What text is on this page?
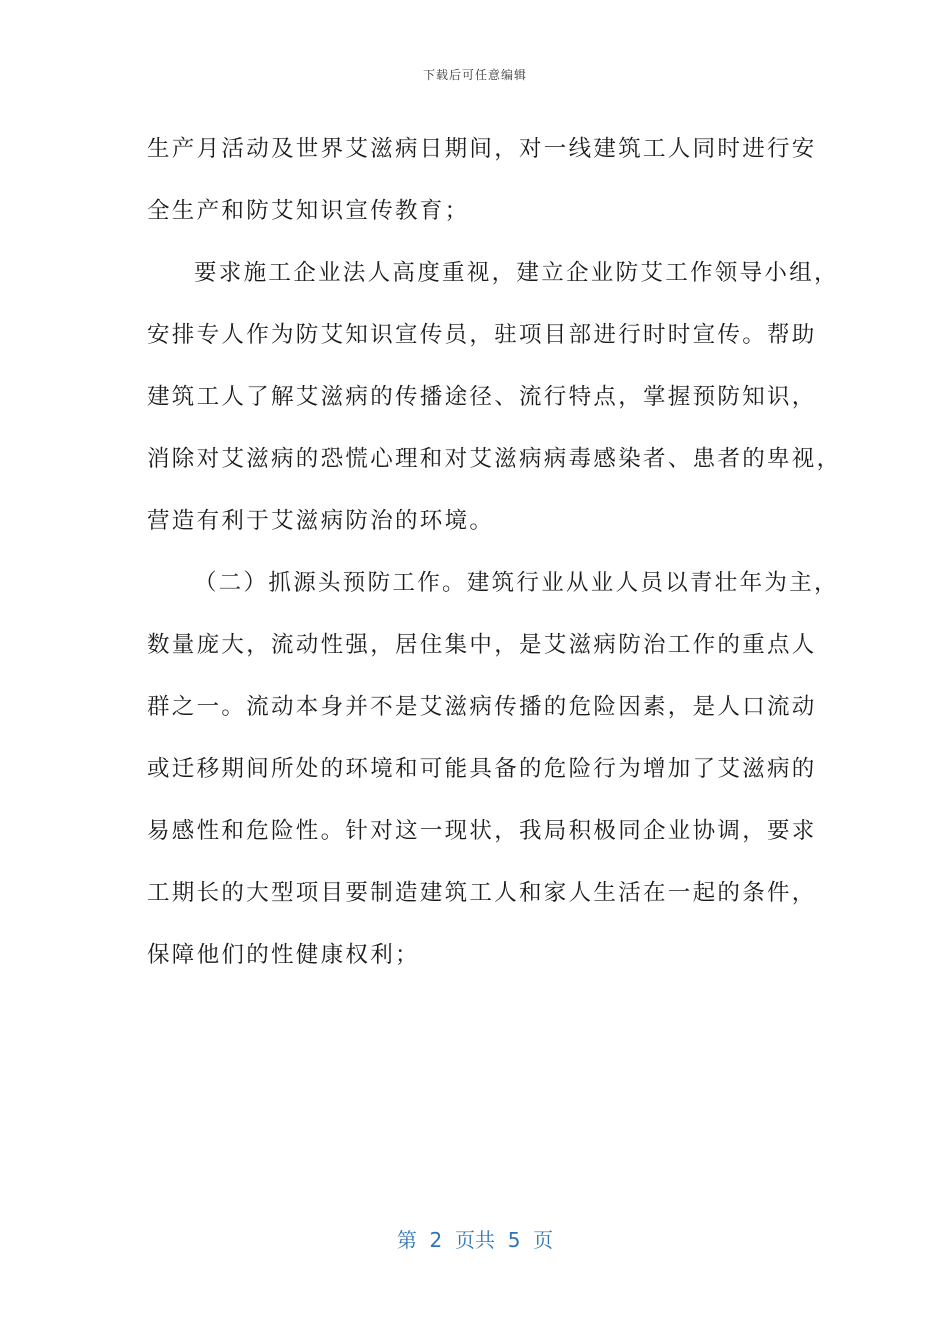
下载后可任意编辑
生产月活动及世界艾滋病日期间，对一线建筑工人同时进行安
全生产和防艾知识宣传教育；
要求施工企业法人高度重视，建立企业防艾工作领导小组，
安排专人作为防艾知识宣传员，驻项目部进行时时宣传。帮助
建筑工人了解艾滋病的传播途径、流行特点，掌握预防知识，
消除对艾滋病的恐慌心理和对艾滋病病毒感染者、患者的卑视，
营造有利于艾滋病防治的环境。
（二）抓源头预防工作。建筑行业从业人员以青壮年为主，
数量庞大，流动性强，居住集中，是艾滋病防治工作的重点人
群之一。流动本身并不是艾滋病传播的危险因素，是人口流动
或迁移期间所处的环境和可能具备的危险行为增加了艾滋病的
易感性和危险性。针对这一现状，我局积极同企业协调，要求
工期长的大型项目要制造建筑工人和家人生活在一起的条件，
保障他们的性健康权利；
第  2  页共  5  页
